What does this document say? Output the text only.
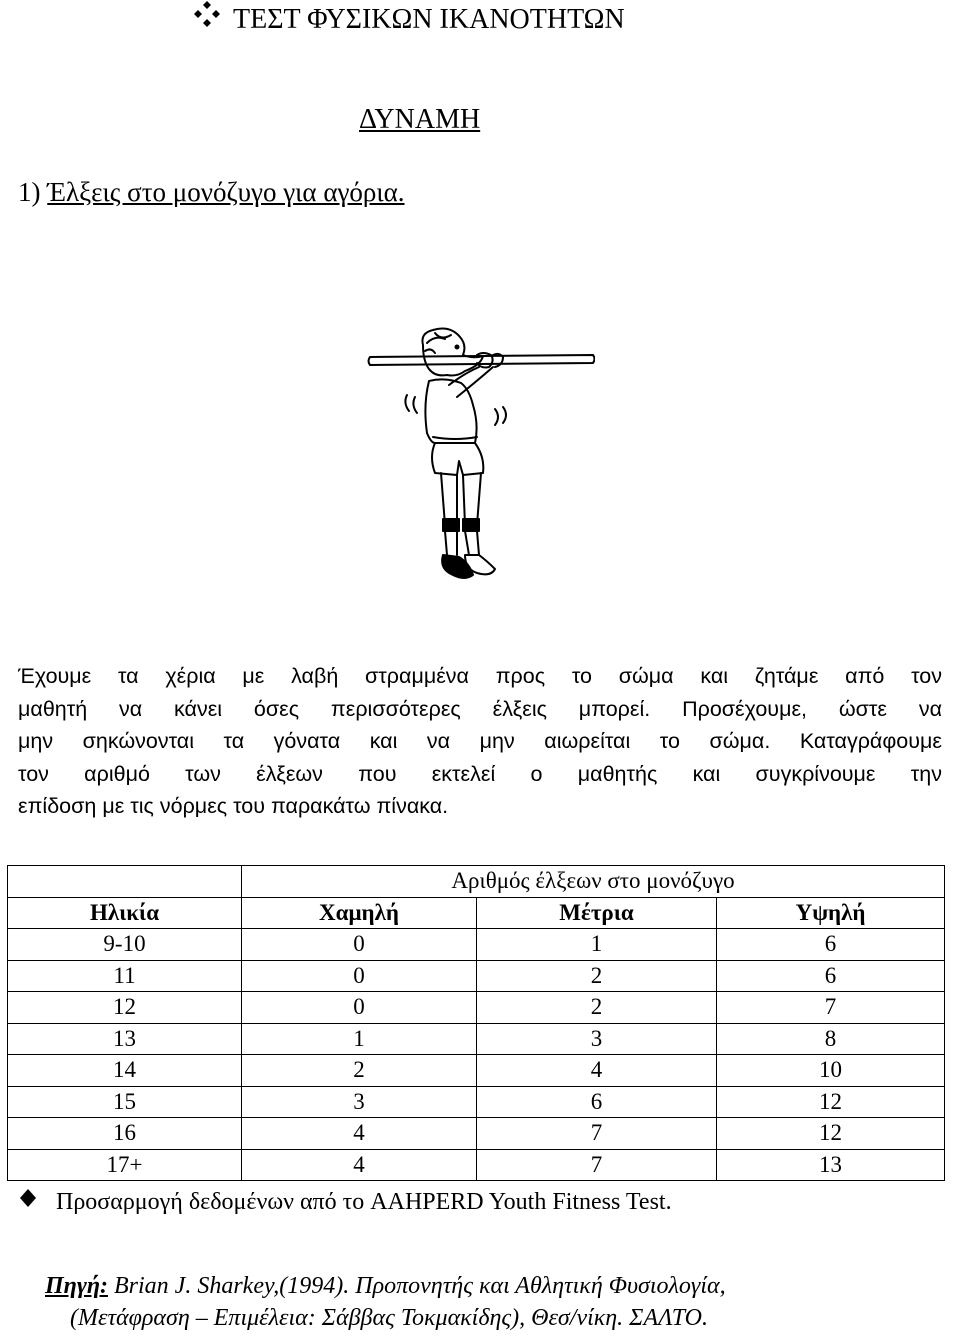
ΤΕΣΤ ΦΥΣΙΚΩΝ ΙΚΑΝΟΤΗΤΩΝ
ΔΥΝΑΜΗ
1) Έλξεις στο μονόζυγο για αγόρια.
Έχουμε τα χέρια με λαβή στραμμένα προς το σώμα και ζητάμε από τον
μαθητή να κάνει όσες περισσότερες έλξεις μπορεί. Προσέχουμε, ώστε να
μην σηκώνονται τα γόνατα και να μην αιωρείται το σώμα. Καταγράφουμε
τον αριθμό των έλξεων που εκτελεί ο μαθητής και συγκρίνουμε την
επίδοση με τις νόρμες του παρακάτω πίνακα.
	Αριθμός έλξεων στο μονόζυγο		
Ηλικία	Χαμηλή	Μέτρια	Υψηλή
9-10	0	1	6
11	0	2	6
12	0	2	7
13	1	3	8
14	2	4	10
15	3	6	12
16	4	7	12
17+	4	7	13
Προσαρμογή δεδομένων από το AAHPERD Youth Fitness Test.
Πηγή: Brian J. Sharkey,(1994). Προπονητής και Αθλητική Φυσιολογία,
(Μετάφραση – Επιμέλεια: Σάββας Τοκμακίδης), Θεσ/νίκη. ΣΑΛΤΟ.
